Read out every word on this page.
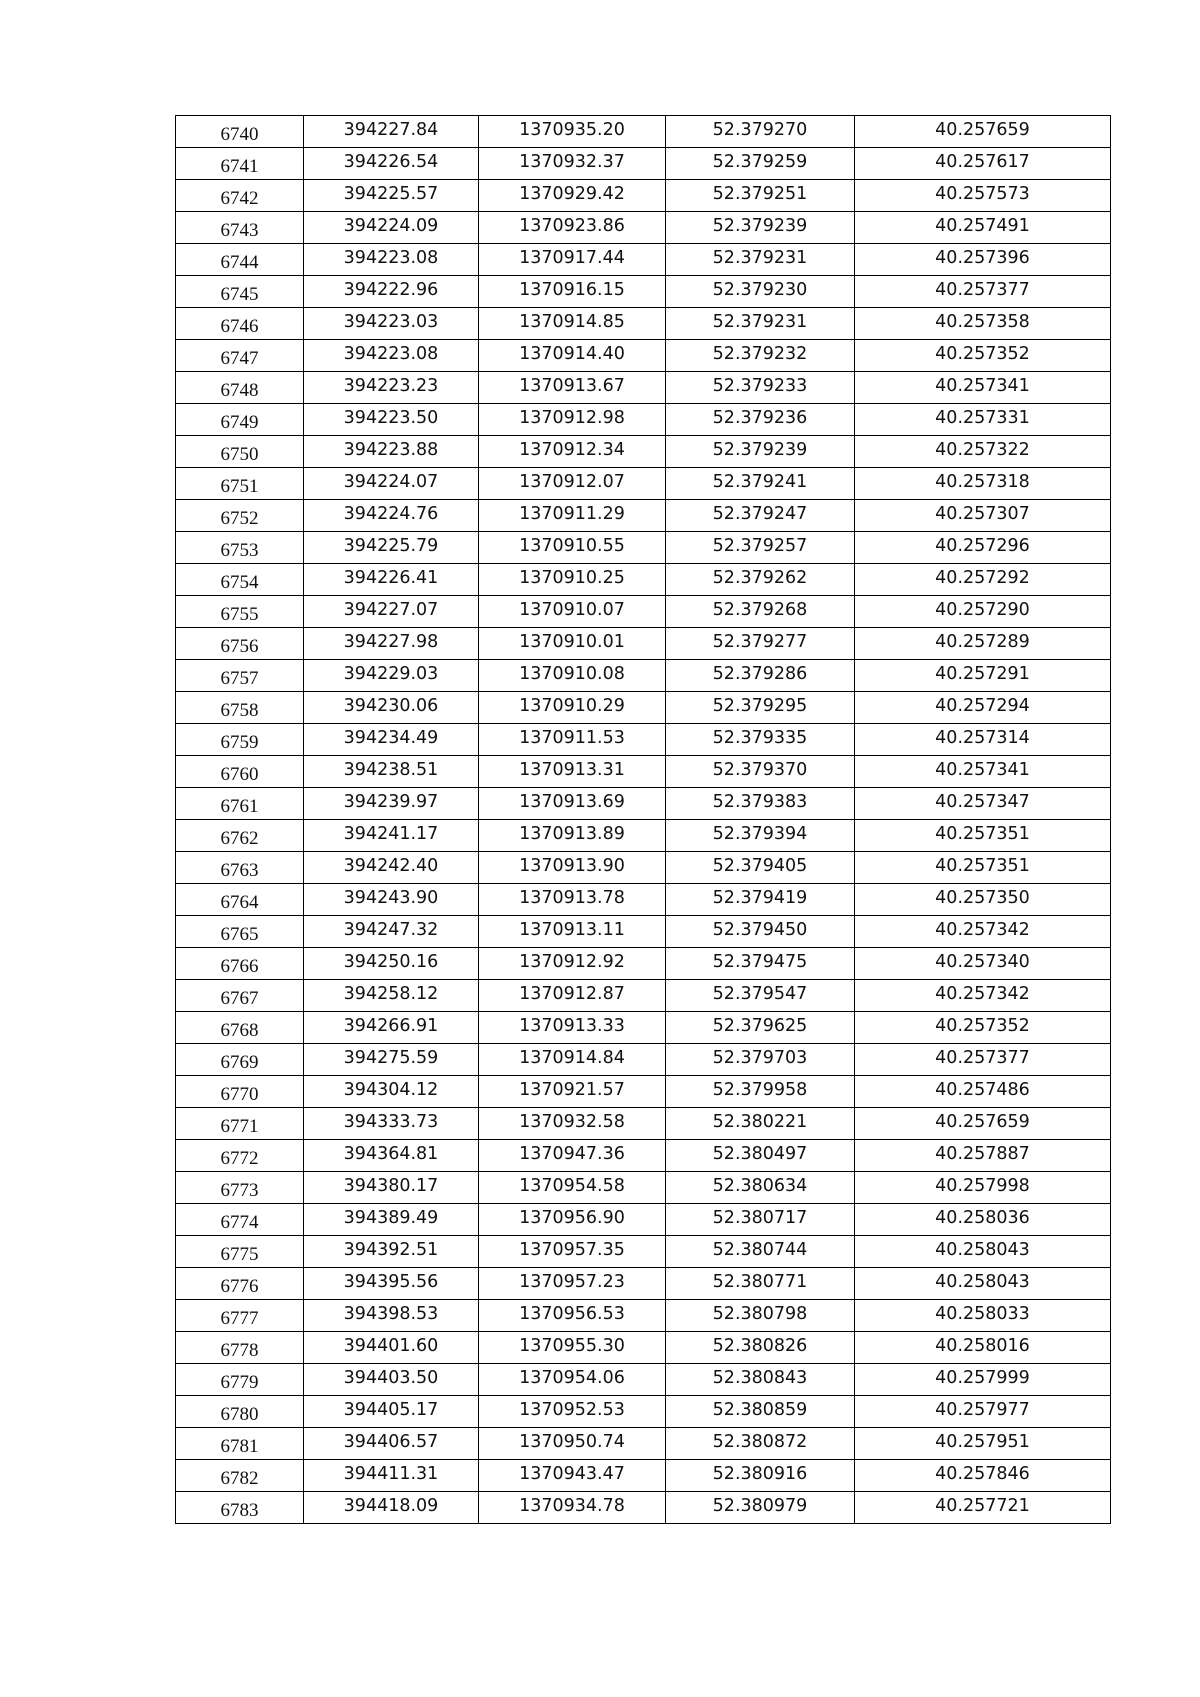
6740	394227.84	1370935.20	52.379270	40.257659
6741	394226.54	1370932.37	52.379259	40.257617
6742	394225.57	1370929.42	52.379251	40.257573
6743	394224.09	1370923.86	52.379239	40.257491
6744	394223.08	1370917.44	52.379231	40.257396
6745	394222.96	1370916.15	52.379230	40.257377
6746	394223.03	1370914.85	52.379231	40.257358
6747	394223.08	1370914.40	52.379232	40.257352
6748	394223.23	1370913.67	52.379233	40.257341
6749	394223.50	1370912.98	52.379236	40.257331
6750	394223.88	1370912.34	52.379239	40.257322
6751	394224.07	1370912.07	52.379241	40.257318
6752	394224.76	1370911.29	52.379247	40.257307
6753	394225.79	1370910.55	52.379257	40.257296
6754	394226.41	1370910.25	52.379262	40.257292
6755	394227.07	1370910.07	52.379268	40.257290
6756	394227.98	1370910.01	52.379277	40.257289
6757	394229.03	1370910.08	52.379286	40.257291
6758	394230.06	1370910.29	52.379295	40.257294
6759	394234.49	1370911.53	52.379335	40.257314
6760	394238.51	1370913.31	52.379370	40.257341
6761	394239.97	1370913.69	52.379383	40.257347
6762	394241.17	1370913.89	52.379394	40.257351
6763	394242.40	1370913.90	52.379405	40.257351
6764	394243.90	1370913.78	52.379419	40.257350
6765	394247.32	1370913.11	52.379450	40.257342
6766	394250.16	1370912.92	52.379475	40.257340
6767	394258.12	1370912.87	52.379547	40.257342
6768	394266.91	1370913.33	52.379625	40.257352
6769	394275.59	1370914.84	52.379703	40.257377
6770	394304.12	1370921.57	52.379958	40.257486
6771	394333.73	1370932.58	52.380221	40.257659
6772	394364.81	1370947.36	52.380497	40.257887
6773	394380.17	1370954.58	52.380634	40.257998
6774	394389.49	1370956.90	52.380717	40.258036
6775	394392.51	1370957.35	52.380744	40.258043
6776	394395.56	1370957.23	52.380771	40.258043
6777	394398.53	1370956.53	52.380798	40.258033
6778	394401.60	1370955.30	52.380826	40.258016
6779	394403.50	1370954.06	52.380843	40.257999
6780	394405.17	1370952.53	52.380859	40.257977
6781	394406.57	1370950.74	52.380872	40.257951
6782	394411.31	1370943.47	52.380916	40.257846
6783	394418.09	1370934.78	52.380979	40.257721
